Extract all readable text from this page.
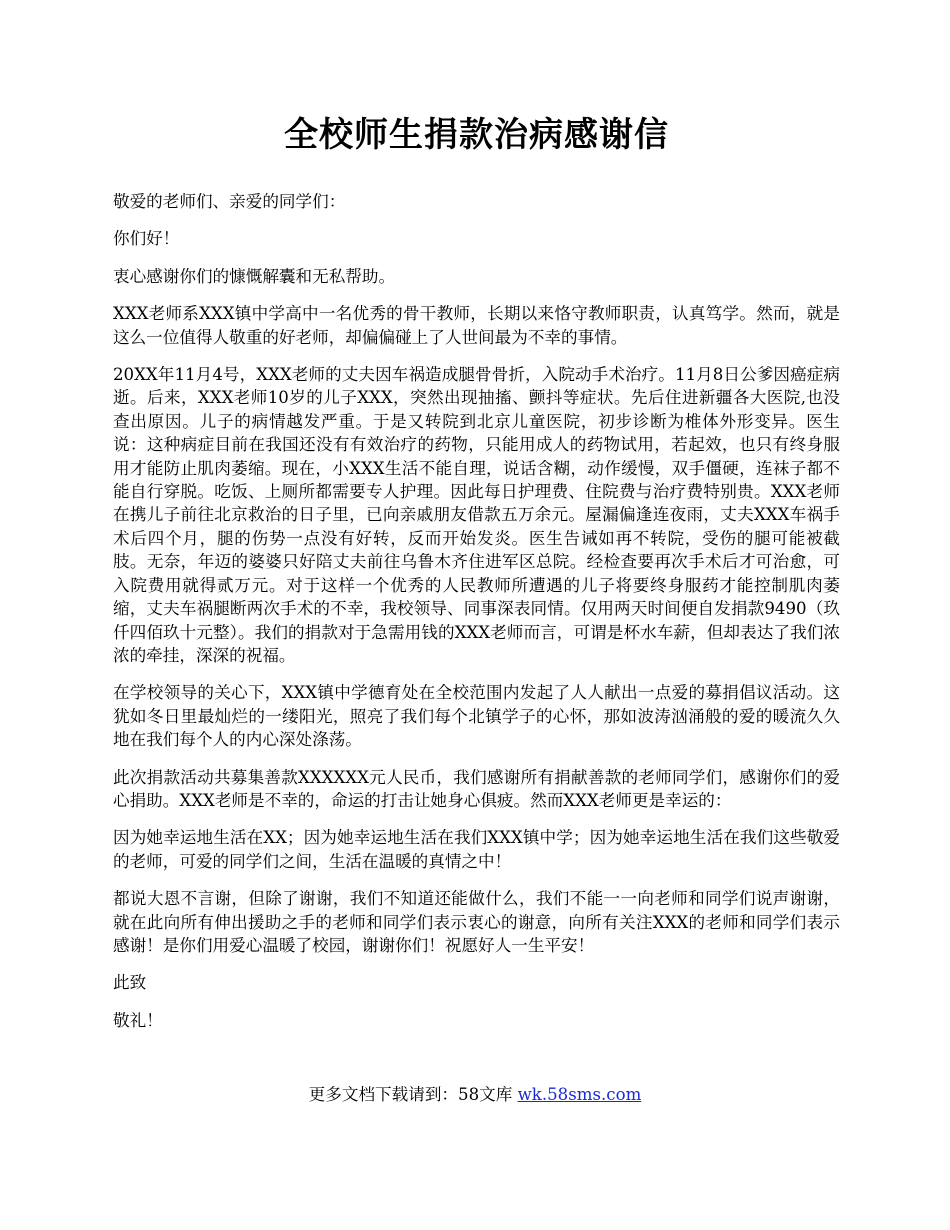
全校师生捐款治病感谢信

敬爱的老师们、亲爱的同学们：

你们好！

衷心感谢你们的慷慨解囊和无私帮助。

XXX老师系XXX镇中学高中一名优秀的骨干教师，长期以来恪守教师职责，认真笃学。然而，就是这么一位值得人敬重的好老师，却偏偏碰上了人世间最为不幸的事情。

20XX年11月4号，XXX老师的丈夫因车祸造成腿骨骨折，入院动手术治疗。11月8日公爹因癌症病逝。后来，XXX老师10岁的儿子XXX，突然出现抽搐、颤抖等症状。先后住进新疆各大医院,也没查出原因。儿子的病情越发严重。于是又转院到北京儿童医院，初步诊断为椎体外形变异。医生说：这种病症目前在我国还没有有效治疗的药物，只能用成人的药物试用，若起效，也只有终身服用才能防止肌肉萎缩。现在，小XXX生活不能自理，说话含糊，动作缓慢，双手僵硬，连袜子都不能自行穿脱。吃饭、上厕所都需要专人护理。因此每日护理费、住院费与治疗费特别贵。XXX老师在携儿子前往北京救治的日子里，已向亲戚朋友借款五万余元。屋漏偏逢连夜雨，丈夫XXX车祸手术后四个月，腿的伤势一点没有好转，反而开始发炎。医生告诫如再不转院，受伤的腿可能被截肢。无奈，年迈的婆婆只好陪丈夫前往乌鲁木齐住进军区总院。经检查要再次手术后才可治愈，可入院费用就得贰万元。对于这样一个优秀的人民教师所遭遇的儿子将要终身服药才能控制肌肉萎缩，丈夫车祸腿断两次手术的不幸，我校领导、同事深表同情。仅用两天时间便自发捐款9490（玖仟四佰玖十元整）。我们的捐款对于急需用钱的XXX老师而言，可谓是杯水车薪，但却表达了我们浓浓的牵挂，深深的祝福。

在学校领导的关心下，XXX镇中学德育处在全校范围内发起了人人献出一点爱的募捐倡议活动。这犹如冬日里最灿烂的一缕阳光，照亮了我们每个北镇学子的心怀，那如波涛汹涌般的爱的暖流久久地在我们每个人的内心深处涤荡。

此次捐款活动共募集善款XXXXXX元人民币，我们感谢所有捐献善款的老师同学们，感谢你们的爱心捐助。XXX老师是不幸的，命运的打击让她身心俱疲。然而XXX老师更是幸运的：

因为她幸运地生活在XX；因为她幸运地生活在我们XXX镇中学；因为她幸运地生活在我们这些敬爱的老师，可爱的同学们之间，生活在温暖的真情之中！

都说大恩不言谢，但除了谢谢，我们不知道还能做什么，我们不能一一向老师和同学们说声谢谢，就在此向所有伸出援助之手的老师和同学们表示衷心的谢意，向所有关注XXX的老师和同学们表示感谢！是你们用爱心温暖了校园，谢谢你们！祝愿好人一生平安！

此致

敬礼！

更多文档下载请到：58文库 wk.58sms.com
